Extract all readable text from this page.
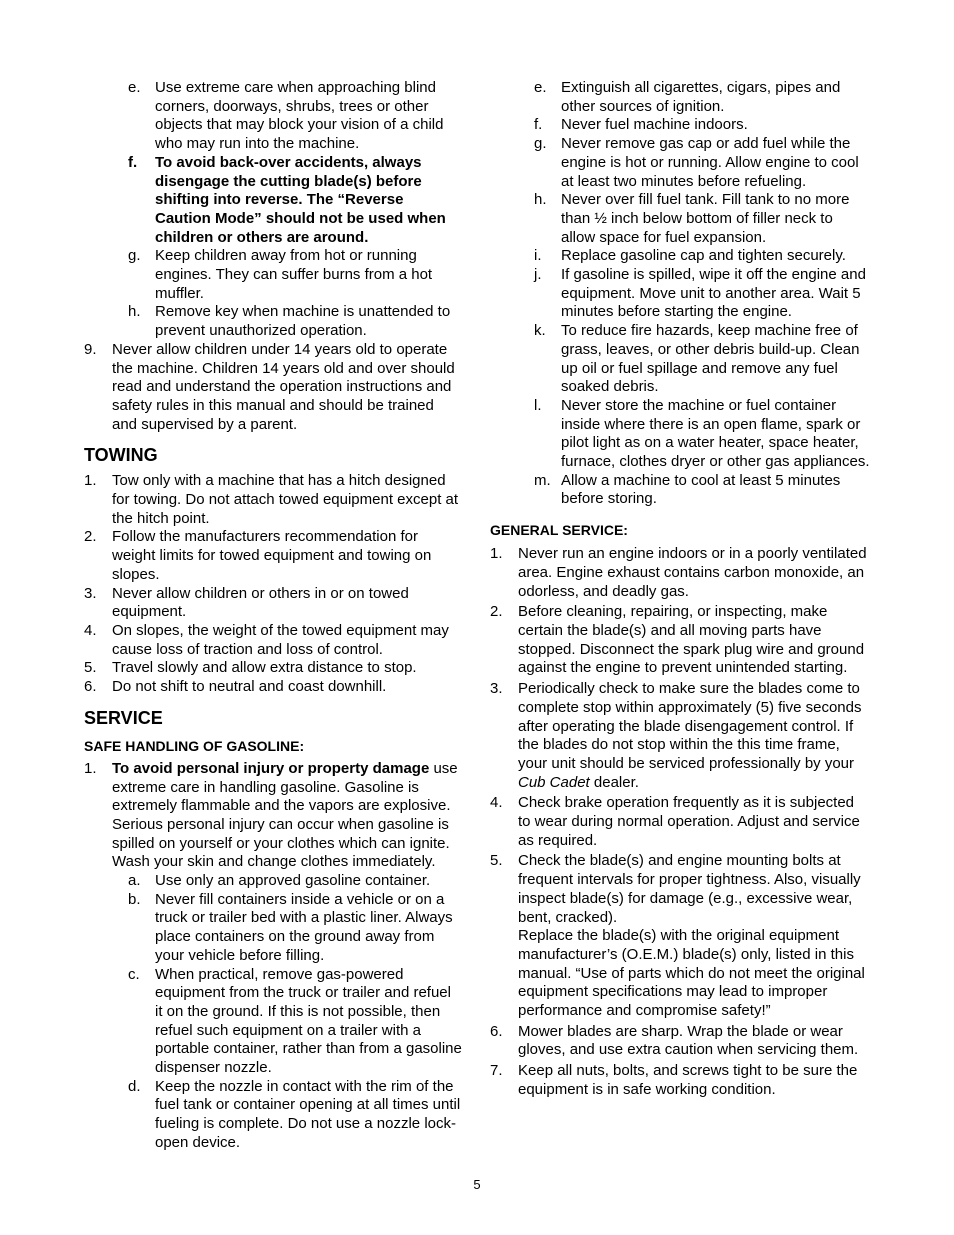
e. Use extreme care when approaching blind corners, doorways, shrubs, trees or other objects that may block your vision of a child who may run into the machine.
f. To avoid back-over accidents, always disengage the cutting blade(s) before shifting into reverse. The “Reverse Caution Mode” should not be used when children or others are around.
g. Keep children away from hot or running engines. They can suffer burns from a hot muffler.
h. Remove key when machine is unattended to prevent unauthorized operation.
9. Never allow children under 14 years old to operate the machine. Children 14 years old and over should read and understand the operation instructions and safety rules in this manual and should be trained and supervised by a parent.
TOWING
1. Tow only with a machine that has a hitch designed for towing. Do not attach towed equipment except at the hitch point.
2. Follow the manufacturers recommendation for weight limits for towed equipment and towing on slopes.
3. Never allow children or others in or on towed equipment.
4. On slopes, the weight of the towed equipment may cause loss of traction and loss of control.
5. Travel slowly and allow extra distance to stop.
6. Do not shift to neutral and coast downhill.
SERVICE
SAFE HANDLING OF GASOLINE:
1. To avoid personal injury or property damage use extreme care in handling gasoline. Gasoline is extremely flammable and the vapors are explosive. Serious personal injury can occur when gasoline is spilled on yourself or your clothes which can ignite. Wash your skin and change clothes immediately.
a. Use only an approved gasoline container.
b. Never fill containers inside a vehicle or on a truck or trailer bed with a plastic liner. Always place containers on the ground away from your vehicle before filling.
c. When practical, remove gas-powered equipment from the truck or trailer and refuel it on the ground. If this is not possible, then refuel such equipment on a trailer with a portable container, rather than from a gasoline dispenser nozzle.
d. Keep the nozzle in contact with the rim of the fuel tank or container opening at all times until fueling is complete. Do not use a nozzle lock-open device.
e. Extinguish all cigarettes, cigars, pipes and other sources of ignition.
f. Never fuel machine indoors.
g. Never remove gas cap or add fuel while the engine is hot or running. Allow engine to cool at least two minutes before refueling.
h. Never over fill fuel tank. Fill tank to no more than ½ inch below bottom of filler neck to allow space for fuel expansion.
i. Replace gasoline cap and tighten securely.
j. If gasoline is spilled, wipe it off the engine and equipment. Move unit to another area. Wait 5 minutes before starting the engine.
k. To reduce fire hazards, keep machine free of grass, leaves, or other debris build-up. Clean up oil or fuel spillage and remove any fuel soaked debris.
l. Never store the machine or fuel container inside where there is an open flame, spark or pilot light as on a water heater, space heater, furnace, clothes dryer or other gas appliances.
m. Allow a machine to cool at least 5 minutes before storing.
GENERAL SERVICE:
1. Never run an engine indoors or in a poorly ventilated area. Engine exhaust contains carbon monoxide, an odorless, and deadly gas.
2. Before cleaning, repairing, or inspecting, make certain the blade(s) and all moving parts have stopped. Disconnect the spark plug wire and ground against the engine to prevent unintended starting.
3. Periodically check to make sure the blades come to complete stop within approximately (5) five seconds after operating the blade disengagement control. If the blades do not stop within the this time frame, your unit should be serviced professionally by your Cub Cadet dealer.
4. Check brake operation frequently as it is subjected to wear during normal operation. Adjust and service as required.
5. Check the blade(s) and engine mounting bolts at frequent intervals for proper tightness. Also, visually inspect blade(s) for damage (e.g., excessive wear, bent, cracked).
Replace the blade(s) with the original equipment manufacturer’s (O.E.M.) blade(s) only, listed in this manual. “Use of parts which do not meet the original equipment specifications may lead to improper performance and compromise safety!”
6. Mower blades are sharp. Wrap the blade or wear gloves, and use extra caution when servicing them.
7. Keep all nuts, bolts, and screws tight to be sure the equipment is in safe working condition.
5
